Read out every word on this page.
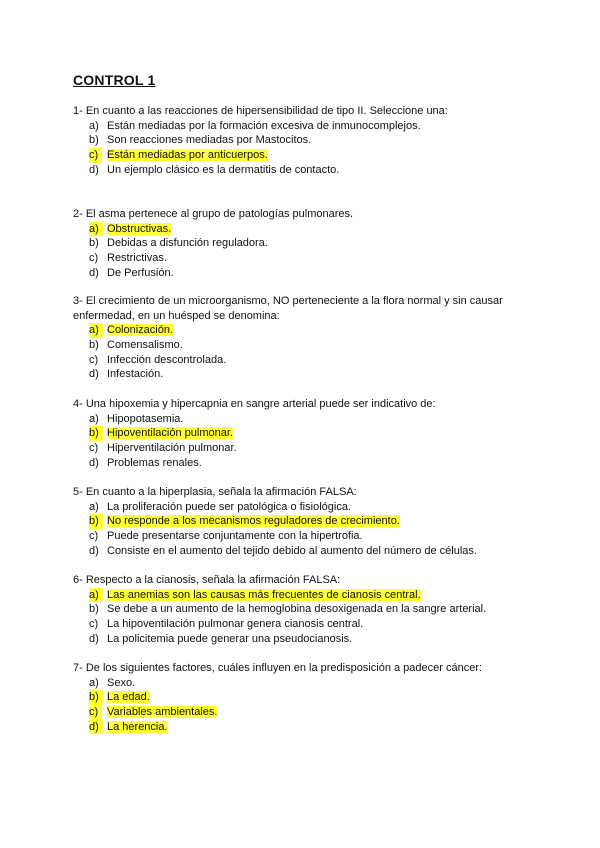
CONTROL 1

1- En cuanto a las reacciones de hipersensibilidad de tipo II. Seleccione una:

a) Están mediadas por la formación excesiva de inmunocomplejos.
b) Son reacciones mediadas por Mastocitos.
c) Están mediadas por anticuerpos.
d) Un ejemplo clásico es la dermatitis de contacto.

2- El asma pertenece al grupo de patologías pulmonares.

a) Obstructivas.
b) Debidas a disfunción reguladora.
c) Restrictivas.
d) De Perfusión.

3- El crecimiento de un microorganismo, NO perteneciente a la flora normal y sin causar enfermedad, en un huésped se denomina:

a) Colonización.
b) Comensalismo.
c) Infección descontrolada.
d) Infestación.

4- Una hipoxemia y hipercapnia en sangre arterial puede ser indicativo de:

a) Hipopotasemia.
b) Hipoventilación pulmonar.
c) Hiperventilación pulmonar.
d) Problemas renales.

5- En cuanto a la hiperplasia, señala la afirmación FALSA:

a) La proliferación puede ser patológica o fisiológica.
b) No responde a los mecanismos reguladores de crecimiento.
c) Puede presentarse conjuntamente con la hipertrofia.
d) Consiste en el aumento del tejido debido al aumento del número de células.

6- Respecto a la cianosis, señala la afirmación FALSA:

a) Las anemias son las causas más frecuentes de cianosis central.
b) Se debe a un aumento de la hemoglobina desoxigenada en la sangre arterial.
c) La hipoventilación pulmonar genera cianosis central.
d) La policitemia puede generar una pseudocianosis.

7- De los siguientes factores, cuáles influyen en la predisposición a padecer cáncer:

a) Sexo.
b) La edad.
c) Variables ambientales.
d) La herencia.
